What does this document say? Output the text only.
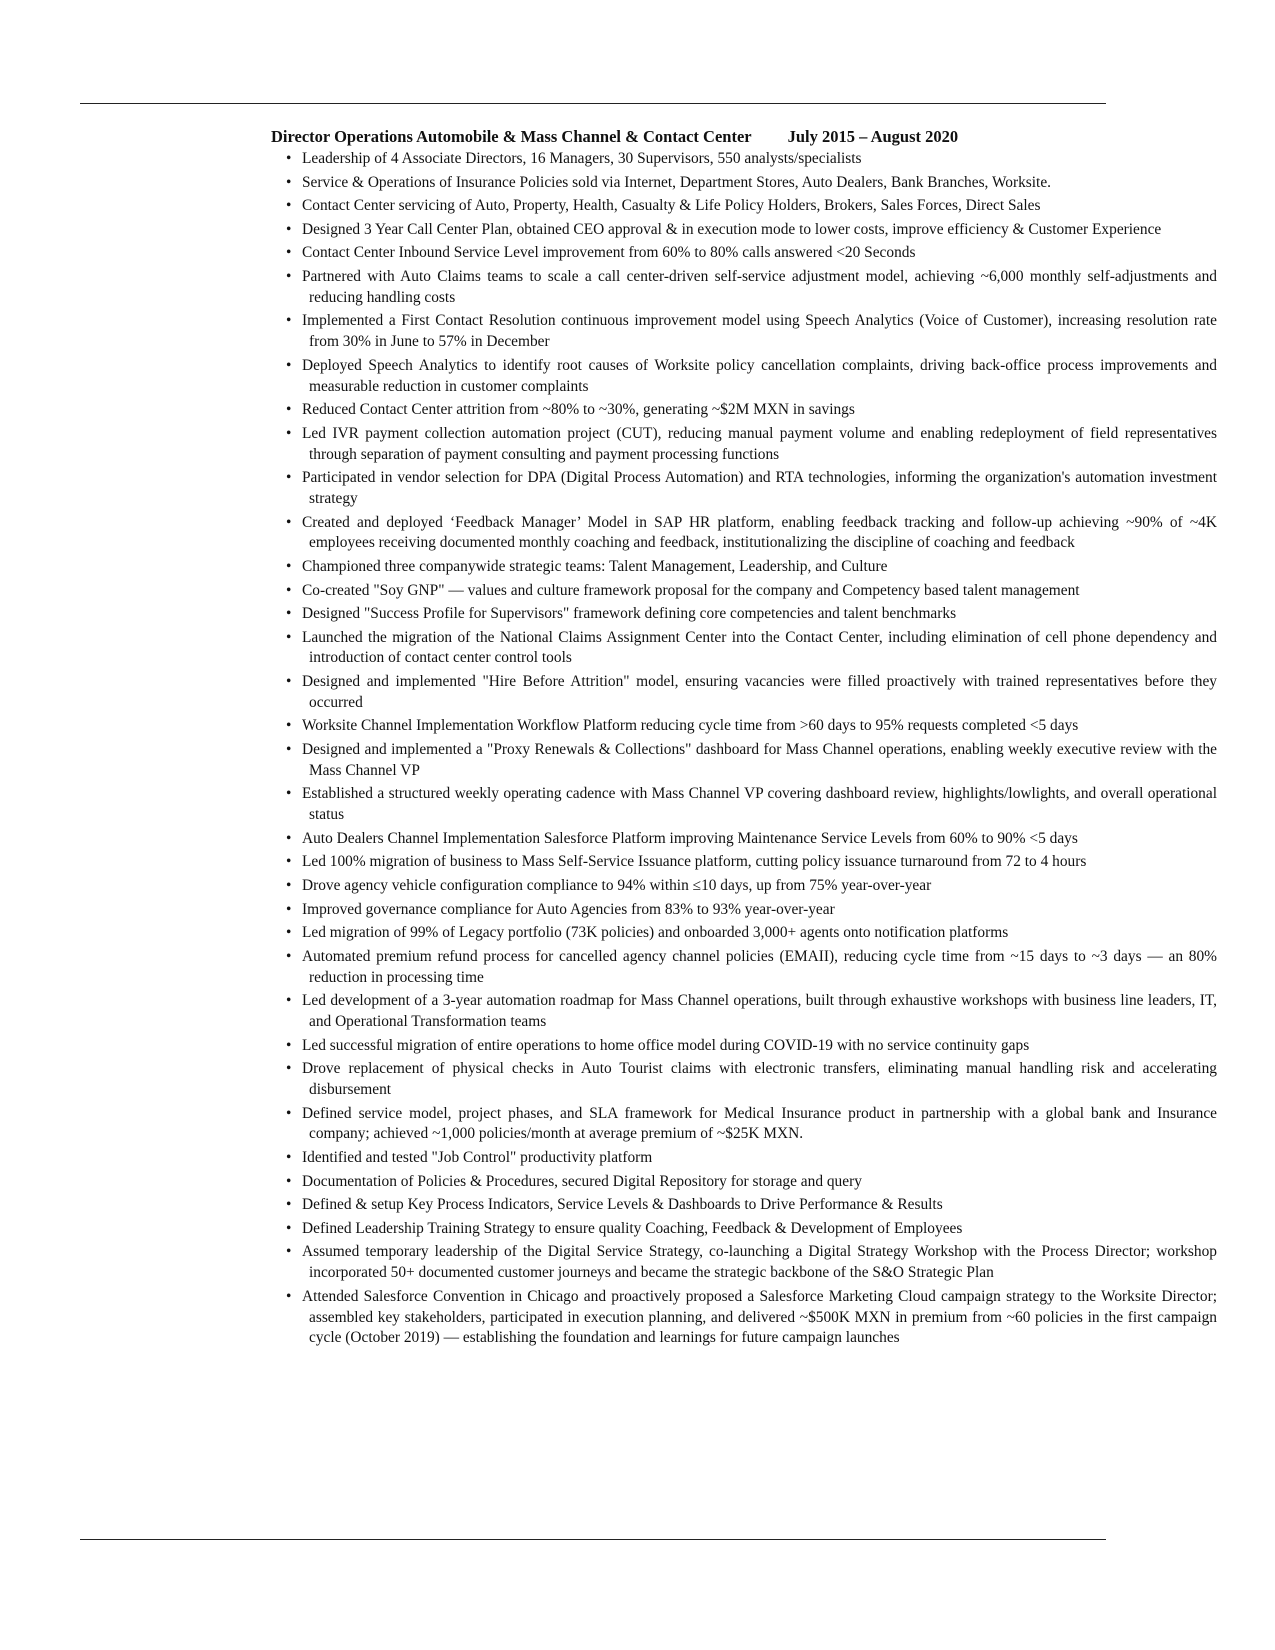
Director Operations Automobile & Mass Channel & Contact Center July 2015 – August 2020
• Leadership of 4 Associate Directors, 16 Managers, 30 Supervisors, 550 analysts/specialists
• Service & Operations of Insurance Policies sold via Internet, Department Stores, Auto Dealers, Bank Branches, Worksite.
• Contact Center servicing of Auto, Property, Health, Casualty & Life Policy Holders, Brokers, Sales Forces, Direct Sales
• Designed 3 Year Call Center Plan, obtained CEO approval & in execution mode to lower costs, improve efficiency & Customer Experience
• Contact Center Inbound Service Level improvement from 60% to 80% calls answered <20 Seconds
• Partnered with Auto Claims teams to scale a call center-driven self-service adjustment model, achieving ~6,000 monthly self-adjustments and reducing handling costs
• Implemented a First Contact Resolution continuous improvement model using Speech Analytics (Voice of Customer), increasing resolution rate from 30% in June to 57% in December
• Deployed Speech Analytics to identify root causes of Worksite policy cancellation complaints, driving back-office process improvements and measurable reduction in customer complaints
• Reduced Contact Center attrition from ~80% to ~30%, generating ~$2M MXN in savings
• Led IVR payment collection automation project (CUT), reducing manual payment volume and enabling redeployment of field representatives through separation of payment consulting and payment processing functions
• Participated in vendor selection for DPA (Digital Process Automation) and RTA technologies, informing the organization's automation investment strategy
• Created and deployed ‘Feedback Manager’ Model in SAP HR platform, enabling feedback tracking and follow-up achieving ~90% of ~4K employees receiving documented monthly coaching and feedback, institutionalizing the discipline of coaching and feedback
• Championed three companywide strategic teams: Talent Management, Leadership, and Culture
• Co-created "Soy GNP" — values and culture framework proposal for the company and Competency based talent management
• Designed "Success Profile for Supervisors" framework defining core competencies and talent benchmarks
• Launched the migration of the National Claims Assignment Center into the Contact Center, including elimination of cell phone dependency and introduction of contact center control tools
• Designed and implemented "Hire Before Attrition" model, ensuring vacancies were filled proactively with trained representatives before they occurred
• Worksite Channel Implementation Workflow Platform reducing cycle time from >60 days to 95% requests completed <5 days
• Designed and implemented a "Proxy Renewals & Collections" dashboard for Mass Channel operations, enabling weekly executive review with the Mass Channel VP
• Established a structured weekly operating cadence with Mass Channel VP covering dashboard review, highlights/lowlights, and overall operational status
• Auto Dealers Channel Implementation Salesforce Platform improving Maintenance Service Levels from 60% to 90% <5 days
• Led 100% migration of business to Mass Self-Service Issuance platform, cutting policy issuance turnaround from 72 to 4 hours
• Drove agency vehicle configuration compliance to 94% within ≤10 days, up from 75% year-over-year
• Improved governance compliance for Auto Agencies from 83% to 93% year-over-year
• Led migration of 99% of Legacy portfolio (73K policies) and onboarded 3,000+ agents onto notification platforms
• Automated premium refund process for cancelled agency channel policies (EMAII), reducing cycle time from ~15 days to ~3 days — an 80% reduction in processing time
• Led development of a 3-year automation roadmap for Mass Channel operations, built through exhaustive workshops with business line leaders, IT, and Operational Transformation teams
• Led successful migration of entire operations to home office model during COVID-19 with no service continuity gaps
• Drove replacement of physical checks in Auto Tourist claims with electronic transfers, eliminating manual handling risk and accelerating disbursement
• Defined service model, project phases, and SLA framework for Medical Insurance product in partnership with a global bank and Insurance company; achieved ~1,000 policies/month at average premium of ~$25K MXN.
• Identified and tested "Job Control" productivity platform
• Documentation of Policies & Procedures, secured Digital Repository for storage and query
• Defined & setup Key Process Indicators, Service Levels & Dashboards to Drive Performance & Results
• Defined Leadership Training Strategy to ensure quality Coaching, Feedback & Development of Employees
• Assumed temporary leadership of the Digital Service Strategy, co-launching a Digital Strategy Workshop with the Process Director; workshop incorporated 50+ documented customer journeys and became the strategic backbone of the S&O Strategic Plan
• Attended Salesforce Convention in Chicago and proactively proposed a Salesforce Marketing Cloud campaign strategy to the Worksite Director; assembled key stakeholders, participated in execution planning, and delivered ~$500K MXN in premium from ~60 policies in the first campaign cycle (October 2019) — establishing the foundation and learnings for future campaign launches
